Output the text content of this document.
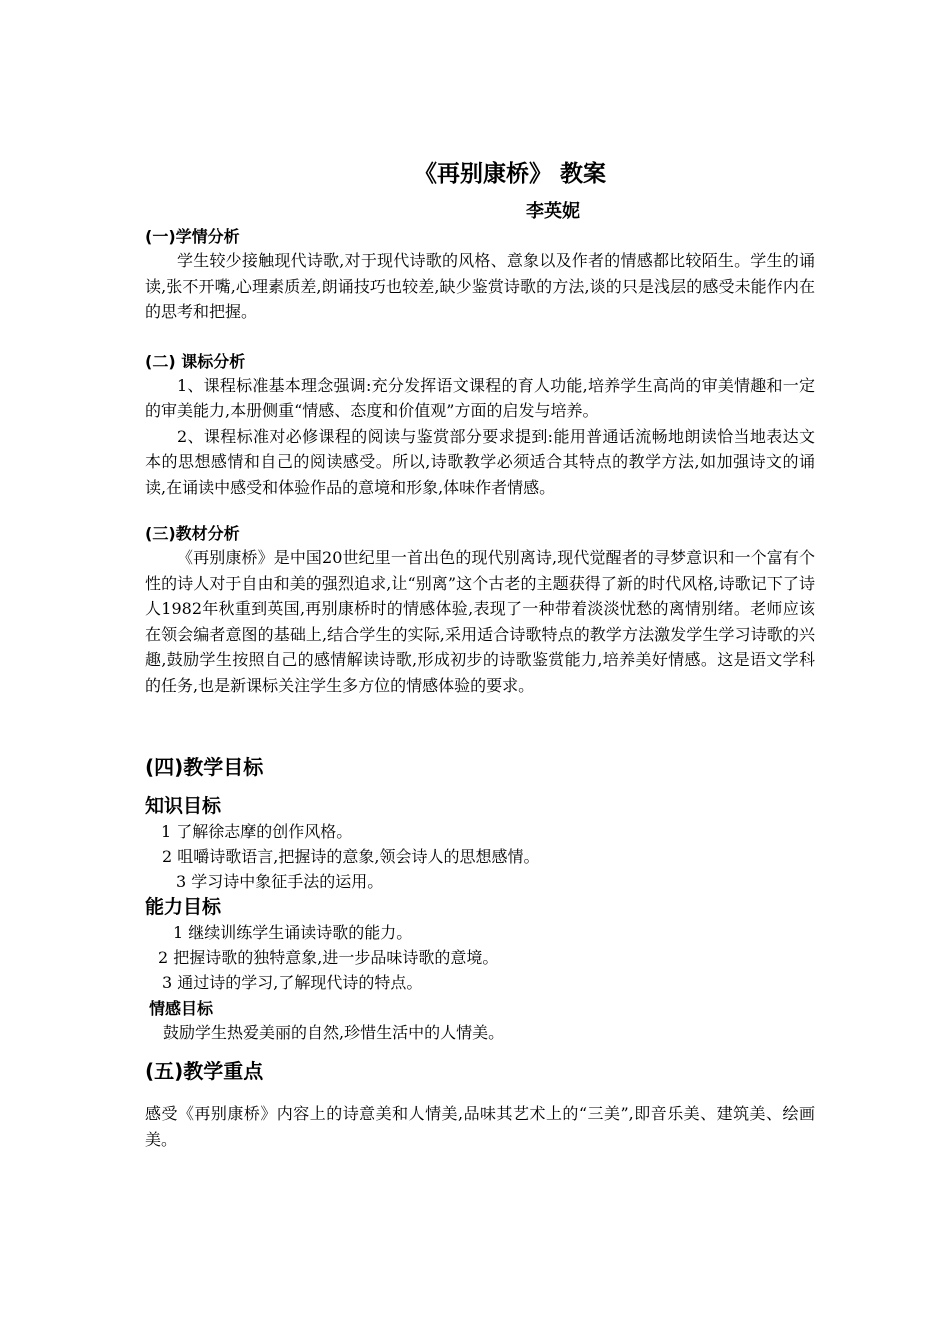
《再别康桥》 教案
李英妮
(一)学情分析

学生较少接触现代诗歌,对于现代诗歌的风格、意象以及作者的情感都比较陌生。学生的诵读,张不开嘴,心理素质差,朗诵技巧也较差,缺少鉴赏诗歌的方法,谈的只是浅层的感受未能作内在的思考和把握。

(二) 课标分析

1、课程标准基本理念强调:充分发挥语文课程的育人功能,培养学生高尚的审美情趣和一定的审美能力,本册侧重“情感、态度和价值观”方面的启发与培养。

2、课程标准对必修课程的阅读与鉴赏部分要求提到:能用普通话流畅地朗读恰当地表达文本的思想感情和自己的阅读感受。所以,诗歌教学必须适合其特点的教学方法,如加强诗文的诵读,在诵读中感受和体验作品的意境和形象,体味作者情感。

(三)教材分析

《再别康桥》是中国20世纪里一首出色的现代别离诗,现代觉醒者的寻梦意识和一个富有个性的诗人对于自由和美的强烈追求,让“别离”这个古老的主题获得了新的时代风格,诗歌记下了诗人1982年秋重到英国,再别康桥时的情感体验,表现了一种带着淡淡忧愁的离情别绪。老师应该在领会编者意图的基础上,结合学生的实际,采用适合诗歌特点的教学方法激发学生学习诗歌的兴趣,鼓励学生按照自己的感情解读诗歌,形成初步的诗歌鉴赏能力,培养美好情感。这是语文学科的任务,也是新课标关注学生多方位的情感体验的要求。

(四)教学目标
知识目标

1 了解徐志摩的创作风格。

2 咀嚼诗歌语言,把握诗的意象,领会诗人的思想感情。

3 学习诗中象征手法的运用。

能力目标

1 继续训练学生诵读诗歌的能力。

2 把握诗歌的独特意象,进一步品味诗歌的意境。

3 通过诗的学习,了解现代诗的特点。

情感目标

鼓励学生热爱美丽的自然,珍惜生活中的人情美。

(五)教学重点

感受《再别康桥》内容上的诗意美和人情美,品味其艺术上的“三美”,即音乐美、建筑美、绘画美。
